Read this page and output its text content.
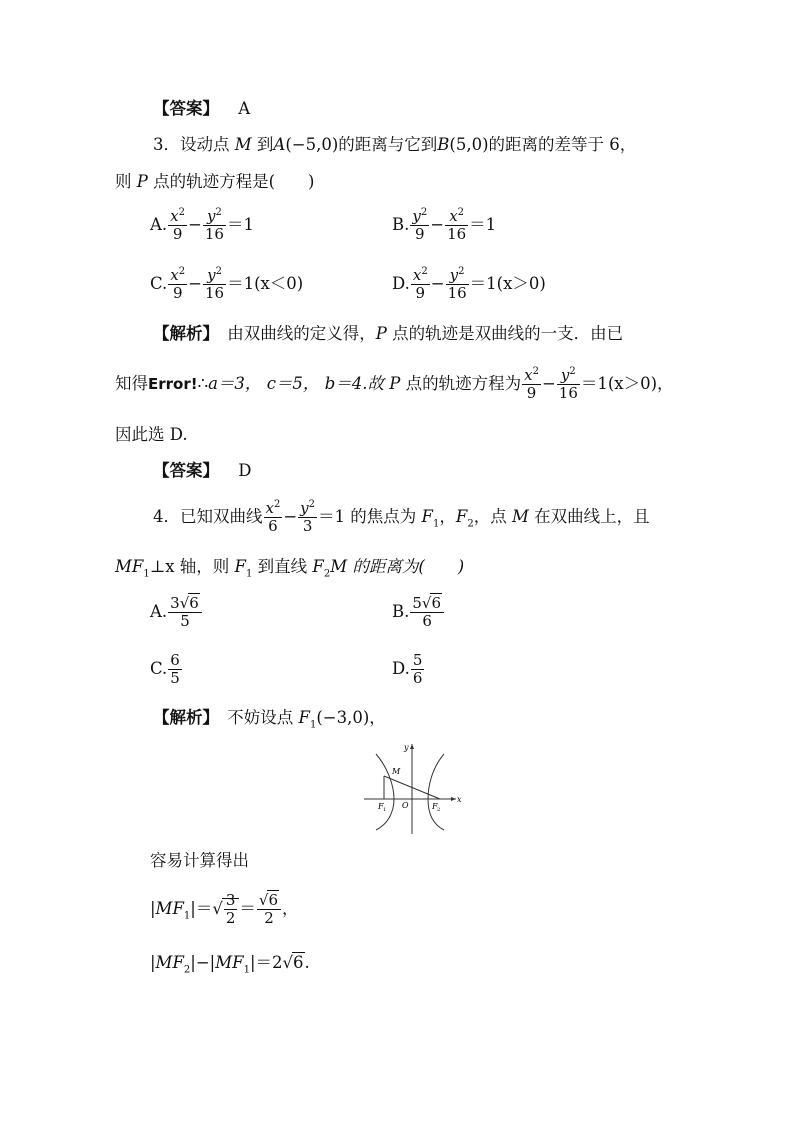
【答案】 A
3．设动点 M 到A(−5,0)的距离与它到B(5,0)的距离的差等于 6，
则 P 点的轨迹方程是(　　)
A. $\frac{x^2}{9} - \frac{y^2}{16} =1$	B. $\frac{y^2}{9} - \frac{x^2}{16} =1$
C. $\frac{x^2}{9} - \frac{y^2}{16} =1(x<0)$	D. $\frac{x^2}{9} - \frac{y^2}{16} =1(x>0)$
【解析】　由双曲线的定义得，P 点的轨迹是双曲线的一支．由已
知得Error!∴a＝3， c＝5， b＝4.故 P 点的轨迹方程为 $\frac{x^2}{9} - \frac{y^2}{16} =1(x>0)$，
因此选 D.
【答案】 D
4．已知双曲线 $\frac{x^2}{6} - \frac{y^2}{3} =1$ 的焦点为 $F_1$，$F_2$，点 M 在双曲线上，且
$MF_1\perp x$ 轴，则 $F_1$ 到直线 $F_2M$ 的距离为(　　)
A. $\frac{3√6}{5}$	B. $\frac{5√6}{6}$
C. $\frac{6}{5}$	D. $\frac{5}{6}$
【解析】　不妨设点 $F_1(-3,0)$，
M
y
x
O
F 1	F 2
容易计算得出
$|MF_1|=√ \frac{3}{2} = \frac{√6}{2}$ ，
$|MF_2|-|MF_1|=2√6$.
